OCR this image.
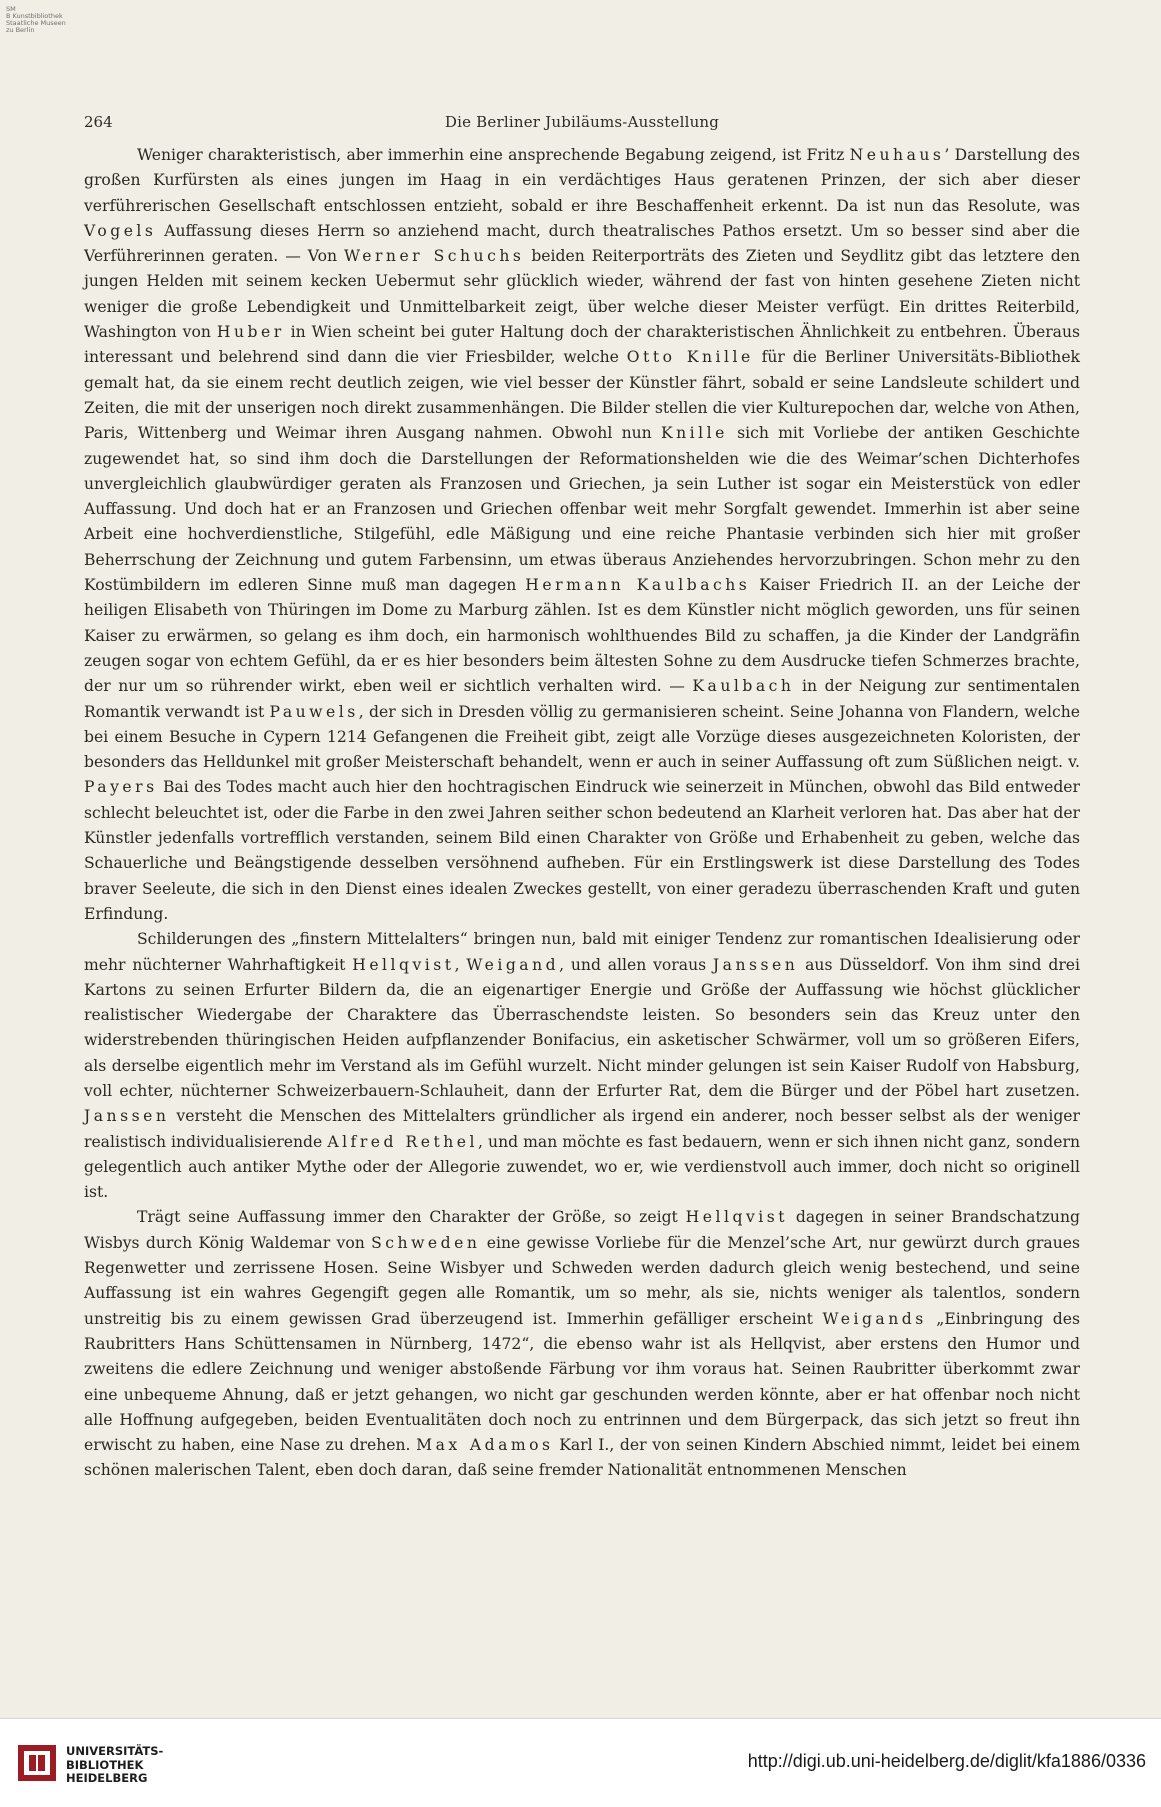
SM
B Kunstbibliothek
Staatliche Museen
zu Berlin
264	Die Berliner Jubiläums-Ausstellung

Weniger charakteristisch, aber immerhin eine ansprechende Begabung zeigend, ist Fritz Neuhaus’ Darstellung des großen Kurfürsten als eines jungen im Haag in ein verdächtiges Haus geratenen Prinzen, der sich aber dieser verführerischen Gesellschaft entschlossen entzieht, sobald er ihre Beschaffenheit erkennt. Da ist nun das Resolute, was Vogels Auffassung dieses Herrn so anziehend macht, durch theatralisches Pathos ersetzt. Um so besser sind aber die Verführerinnen geraten. — Von Werner Schuchs beiden Reiterporträts des Zieten und Seydlitz gibt das letztere den jungen Helden mit seinem kecken Uebermut sehr glücklich wieder, während der fast von hinten gesehene Zieten nicht weniger die große Lebendigkeit und Unmittelbarkeit zeigt, über welche dieser Meister verfügt. Ein drittes Reiterbild, Washington von Huber in Wien scheint bei guter Haltung doch der charakteristischen Ähnlichkeit zu entbehren. Überaus interessant und belehrend sind dann die vier Friesbilder, welche Otto Knille für die Berliner Universitäts-Bibliothek gemalt hat, da sie einem recht deutlich zeigen, wie viel besser der Künstler fährt, sobald er seine Landsleute schildert und Zeiten, die mit der unserigen noch direkt zusammenhängen. Die Bilder stellen die vier Kulturepochen dar, welche von Athen, Paris, Wittenberg und Weimar ihren Ausgang nahmen. Obwohl nun Knille sich mit Vorliebe der antiken Geschichte zugewendet hat, so sind ihm doch die Darstellungen der Reformationshelden wie die des Weimar’schen Dichterhofes unvergleichlich glaubwürdiger geraten als Franzosen und Griechen, ja sein Luther ist sogar ein Meisterstück von edler Auffassung. Und doch hat er an Franzosen und Griechen offenbar weit mehr Sorgfalt gewendet. Immerhin ist aber seine Arbeit eine hochverdienstliche, Stilgefühl, edle Mäßigung und eine reiche Phantasie verbinden sich hier mit großer Beherrschung der Zeichnung und gutem Farbensinn, um etwas überaus Anziehendes hervorzubringen. Schon mehr zu den Kostümbildern im edleren Sinne muß man dagegen Hermann Kaulbachs Kaiser Friedrich II. an der Leiche der heiligen Elisabeth von Thüringen im Dome zu Marburg zählen. Ist es dem Künstler nicht möglich geworden, uns für seinen Kaiser zu erwärmen, so gelang es ihm doch, ein harmonisch wohlthuendes Bild zu schaffen, ja die Kinder der Landgräfin zeugen sogar von echtem Gefühl, da er es hier besonders beim ältesten Sohne zu dem Ausdrucke tiefen Schmerzes brachte, der nur um so rührender wirkt, eben weil er sichtlich verhalten wird. — Kaulbach in der Neigung zur sentimentalen Romantik verwandt ist Pauwels, der sich in Dresden völlig zu germanisieren scheint. Seine Johanna von Flandern, welche bei einem Besuche in Cypern 1214 Gefangenen die Freiheit gibt, zeigt alle Vorzüge dieses ausgezeichneten Koloristen, der besonders das Helldunkel mit großer Meisterschaft behandelt, wenn er auch in seiner Auffassung oft zum Süßlichen neigt. v. Payers Bai des Todes macht auch hier den hochtragischen Eindruck wie seinerzeit in München, obwohl das Bild entweder schlecht beleuchtet ist, oder die Farbe in den zwei Jahren seither schon bedeutend an Klarheit verloren hat. Das aber hat der Künstler jedenfalls vortrefflich verstanden, seinem Bild einen Charakter von Größe und Erhabenheit zu geben, welche das Schauerliche und Beängstigende desselben versöhnend aufheben. Für ein Erstlingswerk ist diese Darstellung des Todes braver Seeleute, die sich in den Dienst eines idealen Zweckes gestellt, von einer geradezu überraschenden Kraft und guten Erfindung.

Schilderungen des „finstern Mittelalters“ bringen nun, bald mit einiger Tendenz zur romantischen Idealisierung oder mehr nüchterner Wahrhaftigkeit Hellqvist, Weigand, und allen voraus Janssen aus Düsseldorf. Von ihm sind drei Kartons zu seinen Erfurter Bildern da, die an eigenartiger Energie und Größe der Auffassung wie höchst glücklicher realistischer Wiedergabe der Charaktere das Überraschendste leisten. So besonders sein das Kreuz unter den widerstrebenden thüringischen Heiden aufpflanzender Bonifacius, ein asketischer Schwärmer, voll um so größeren Eifers, als derselbe eigentlich mehr im Verstand als im Gefühl wurzelt. Nicht minder gelungen ist sein Kaiser Rudolf von Habsburg, voll echter, nüchterner Schweizerbauern-Schlauheit, dann der Erfurter Rat, dem die Bürger und der Pöbel hart zusetzen. Janssen versteht die Menschen des Mittelalters gründlicher als irgend ein anderer, noch besser selbst als der weniger realistisch individualisierende Alfred Rethel, und man möchte es fast bedauern, wenn er sich ihnen nicht ganz, sondern gelegentlich auch antiker Mythe oder der Allegorie zuwendet, wo er, wie verdienstvoll auch immer, doch nicht so originell ist.

Trägt seine Auffassung immer den Charakter der Größe, so zeigt Hellqvist dagegen in seiner Brandschatzung Wisbys durch König Waldemar von Schweden eine gewisse Vorliebe für die Menzel’sche Art, nur gewürzt durch graues Regenwetter und zerrissene Hosen. Seine Wisbyer und Schweden werden dadurch gleich wenig bestechend, und seine Auffassung ist ein wahres Gegengift gegen alle Romantik, um so mehr, als sie, nichts weniger als talentlos, sondern unstreitig bis zu einem gewissen Grad überzeugend ist. Immerhin gefälliger erscheint Weigands „Einbringung des Raubritters Hans Schüttensamen in Nürnberg, 1472“, die ebenso wahr ist als Hellqvist, aber erstens den Humor und zweitens die edlere Zeichnung und weniger abstoßende Färbung vor ihm voraus hat. Seinen Raubritter überkommt zwar eine unbequeme Ahnung, daß er jetzt gehangen, wo nicht gar geschunden werden könnte, aber er hat offenbar noch nicht alle Hoffnung aufgegeben, beiden Eventualitäten doch noch zu entrinnen und dem Bürgerpack, das sich jetzt so freut ihn erwischt zu haben, eine Nase zu drehen. Max Adamos Karl I., der von seinen Kindern Abschied nimmt, leidet bei einem schönen malerischen Talent, eben doch daran, daß seine fremder Nationalität entnommenen Menschen

UNIVERSITÄTS-
BIBLIOTHEK
HEIDELBERG
http://digi.ub.uni-heidelberg.de/diglit/kfa1886/0336
